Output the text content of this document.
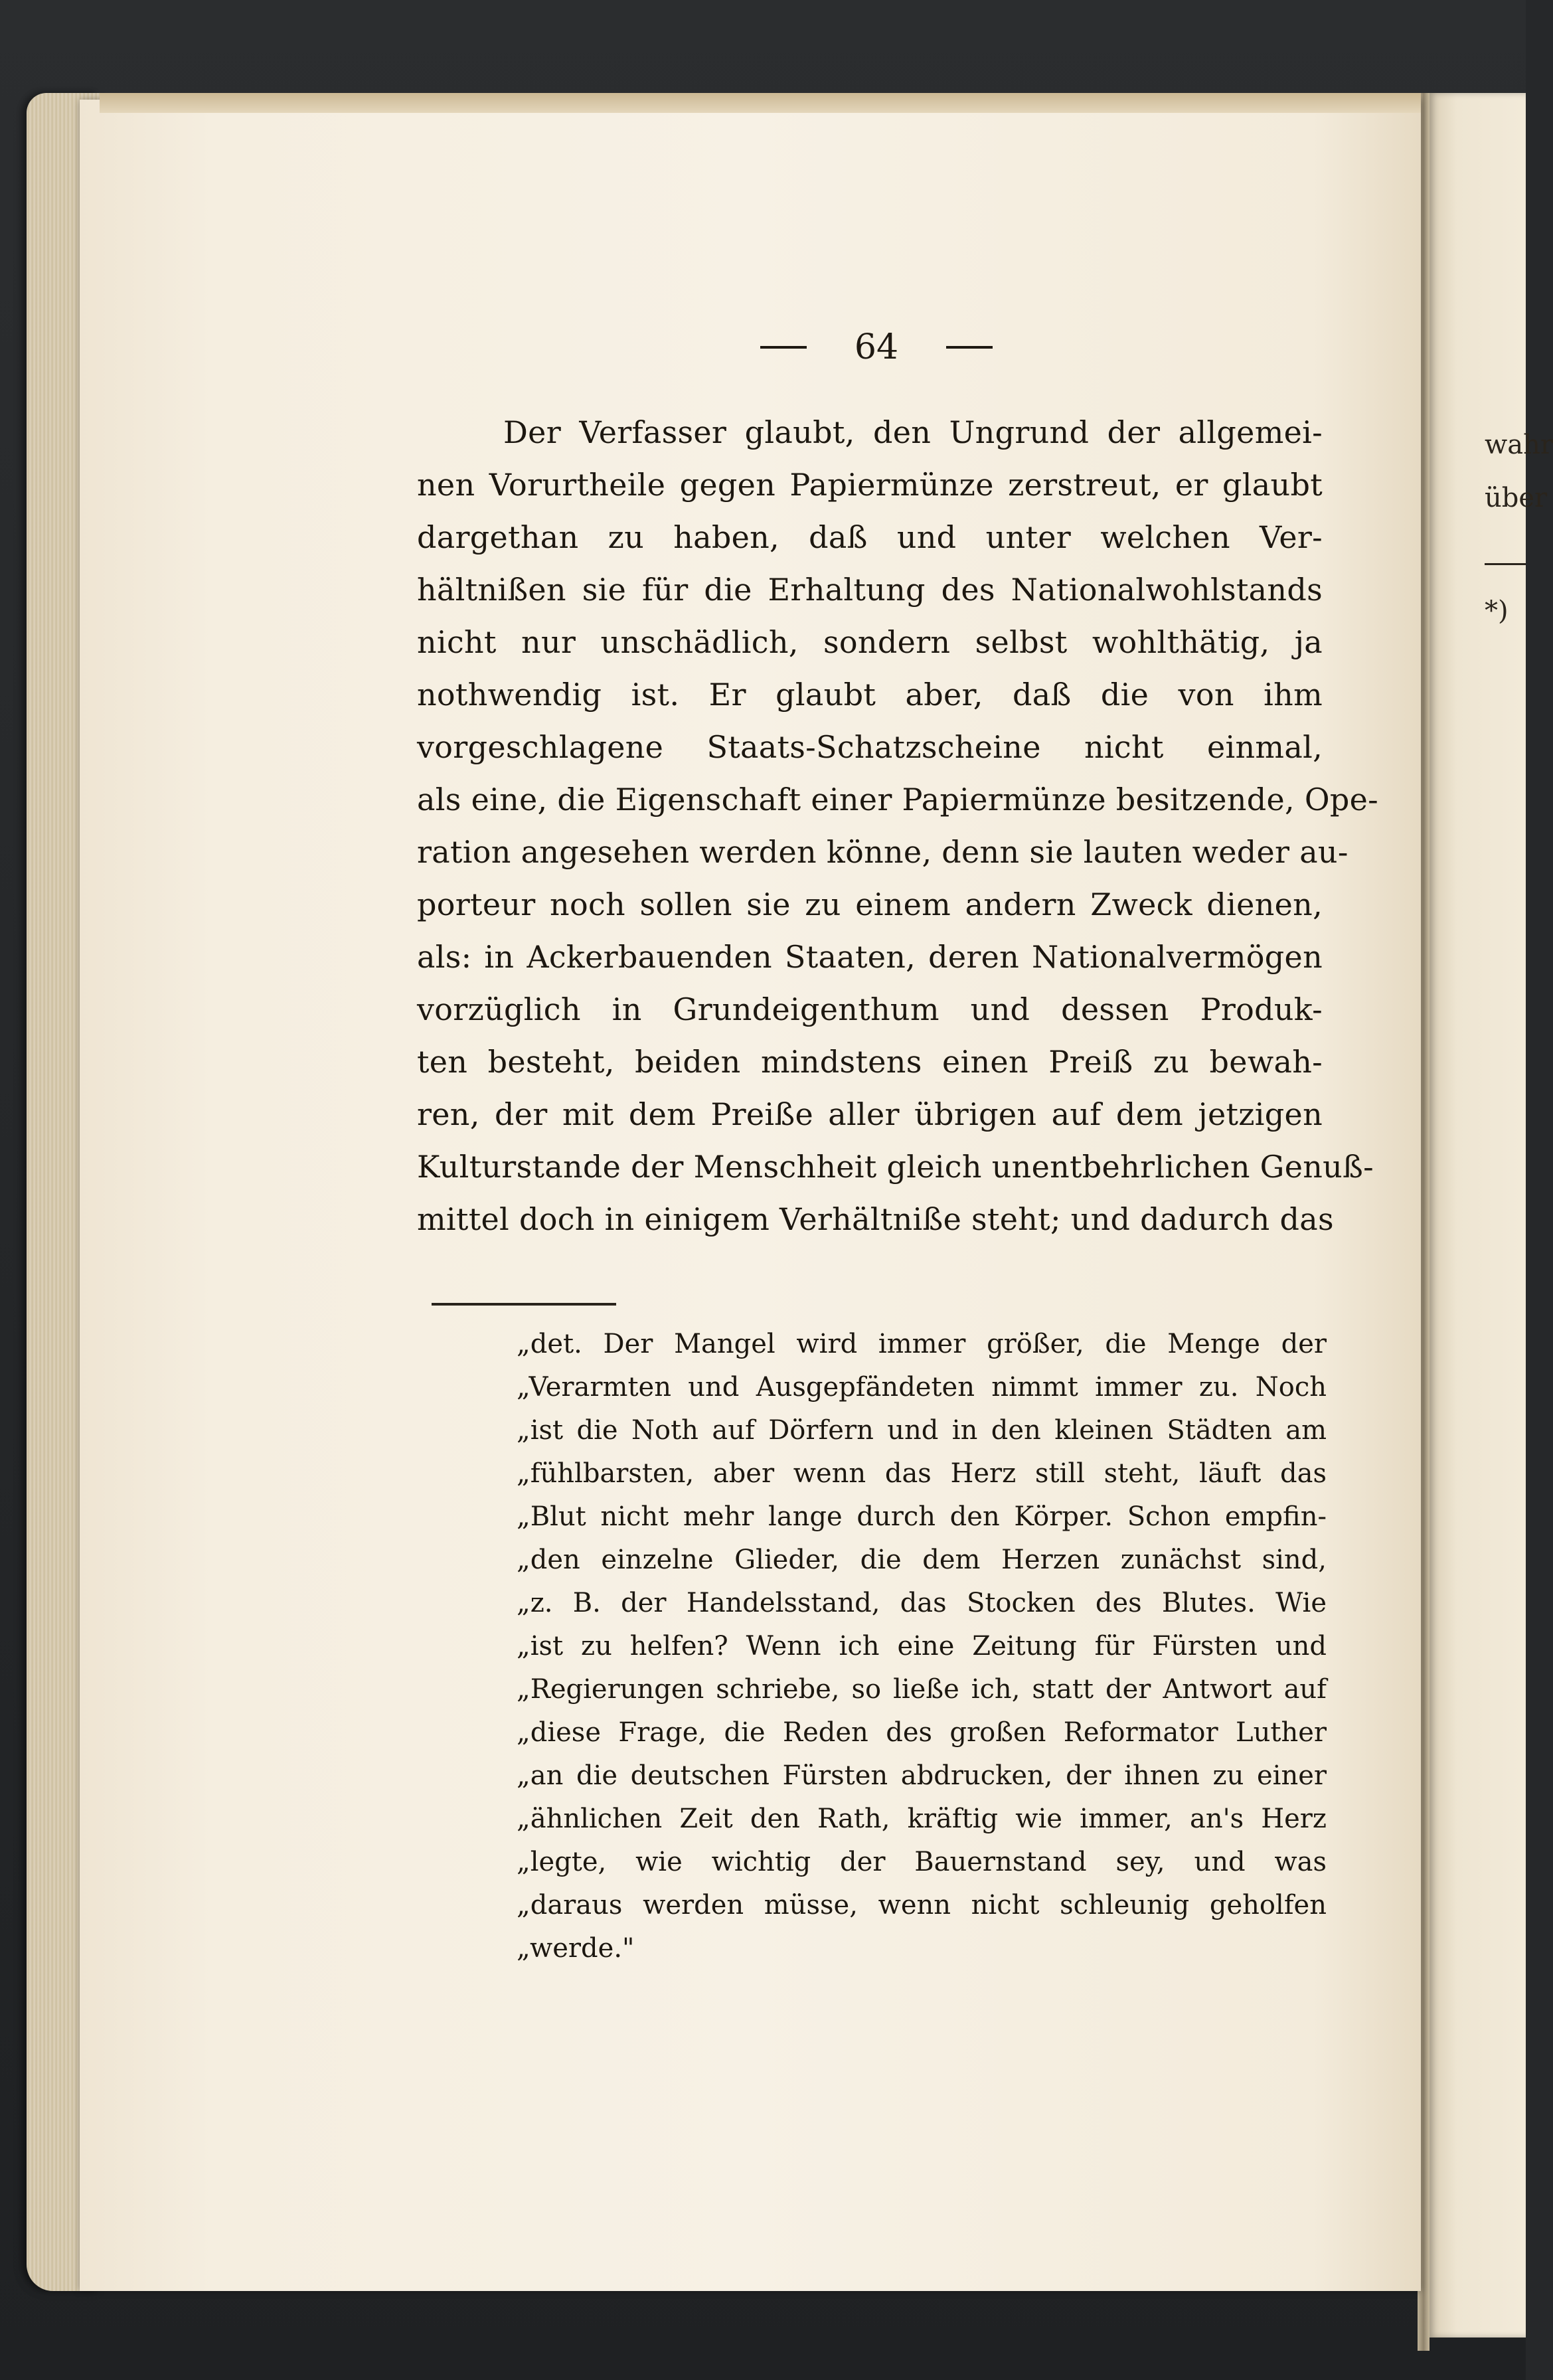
64
Der Verfasser glaubt, den Ungrund der allgemei-
nen Vorurtheile gegen Papiermünze zerstreut, er glaubt
dargethan zu haben, daß und unter welchen Ver-
hältnißen sie für die Erhaltung des Nationalwohlstands
nicht nur unschädlich, sondern selbst wohlthätig, ja
nothwendig ist. Er glaubt aber, daß die von ihm
vorgeschlagene Staats-Schatzscheine nicht einmal,
als eine, die Eigenschaft einer Papiermünze besitzende, Ope-
ration angesehen werden könne, denn sie lauten weder au-
porteur noch sollen sie zu einem andern Zweck dienen,
als: in Ackerbauenden Staaten, deren Nationalvermögen
vorzüglich in Grundeigenthum und dessen Produk-
ten besteht, beiden mindstens einen Preiß zu bewah-
ren, der mit dem Preiße aller übrigen auf dem jetzigen
Kulturstande der Menschheit gleich unentbehrlichen Genuß-
mittel doch in einigem Verhältniße steht; und dadurch das
„det. Der Mangel wird immer größer, die Menge der
„Verarmten und Ausgepfändeten nimmt immer zu. Noch
„ist die Noth auf Dörfern und in den kleinen Städten am
„fühlbarsten, aber wenn das Herz still steht, läuft das
„Blut nicht mehr lange durch den Körper. Schon empfin-
„den einzelne Glieder, die dem Herzen zunächst sind,
„z. B. der Handelsstand, das Stocken des Blutes. Wie
„ist zu helfen? Wenn ich eine Zeitung für Fürsten und
„Regierungen schriebe, so ließe ich, statt der Antwort auf
„diese Frage, die Reden des großen Reformator Luther
„an die deutschen Fürsten abdrucken, der ihnen zu einer
„ähnlichen Zeit den Rath, kräftig wie immer, an's Herz
„legte, wie wichtig der Bauernstand sey, und was
„daraus werden müsse, wenn nicht schleunig geholfen
„werde."
wahr
über
*)
